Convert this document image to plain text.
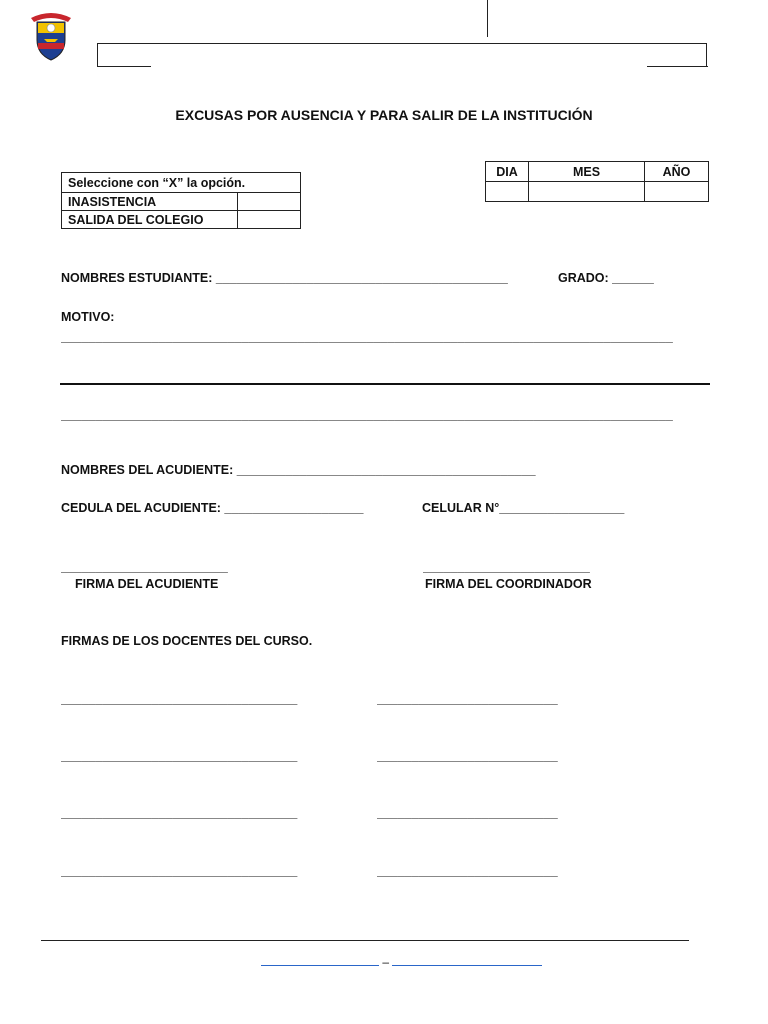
EXCUSAS POR AUSENCIA Y PARA SALIR DE LA INSTITUCIÓN
Seleccione con “X” la opción.	
INASISTENCIA	
SALIDA DEL COLEGIO	
DIA	MES	AÑO

NOMBRES ESTUDIANTE: __________________________________________	GRADO: ______
MOTIVO:
________________________________________________________________________________________
________________________________________________________________________________________
NOMBRES DEL ACUDIENTE: ___________________________________________
CEDULA DEL ACUDIENTE: ____________________	CELULAR N°__________________
________________________
FIRMA DEL ACUDIENTE
________________________
FIRMA DEL COORDINADOR
FIRMAS DE LOS DOCENTES DEL CURSO.
__________________________________	__________________________
__________________________________	__________________________
__________________________________	__________________________
__________________________________	__________________________
–
